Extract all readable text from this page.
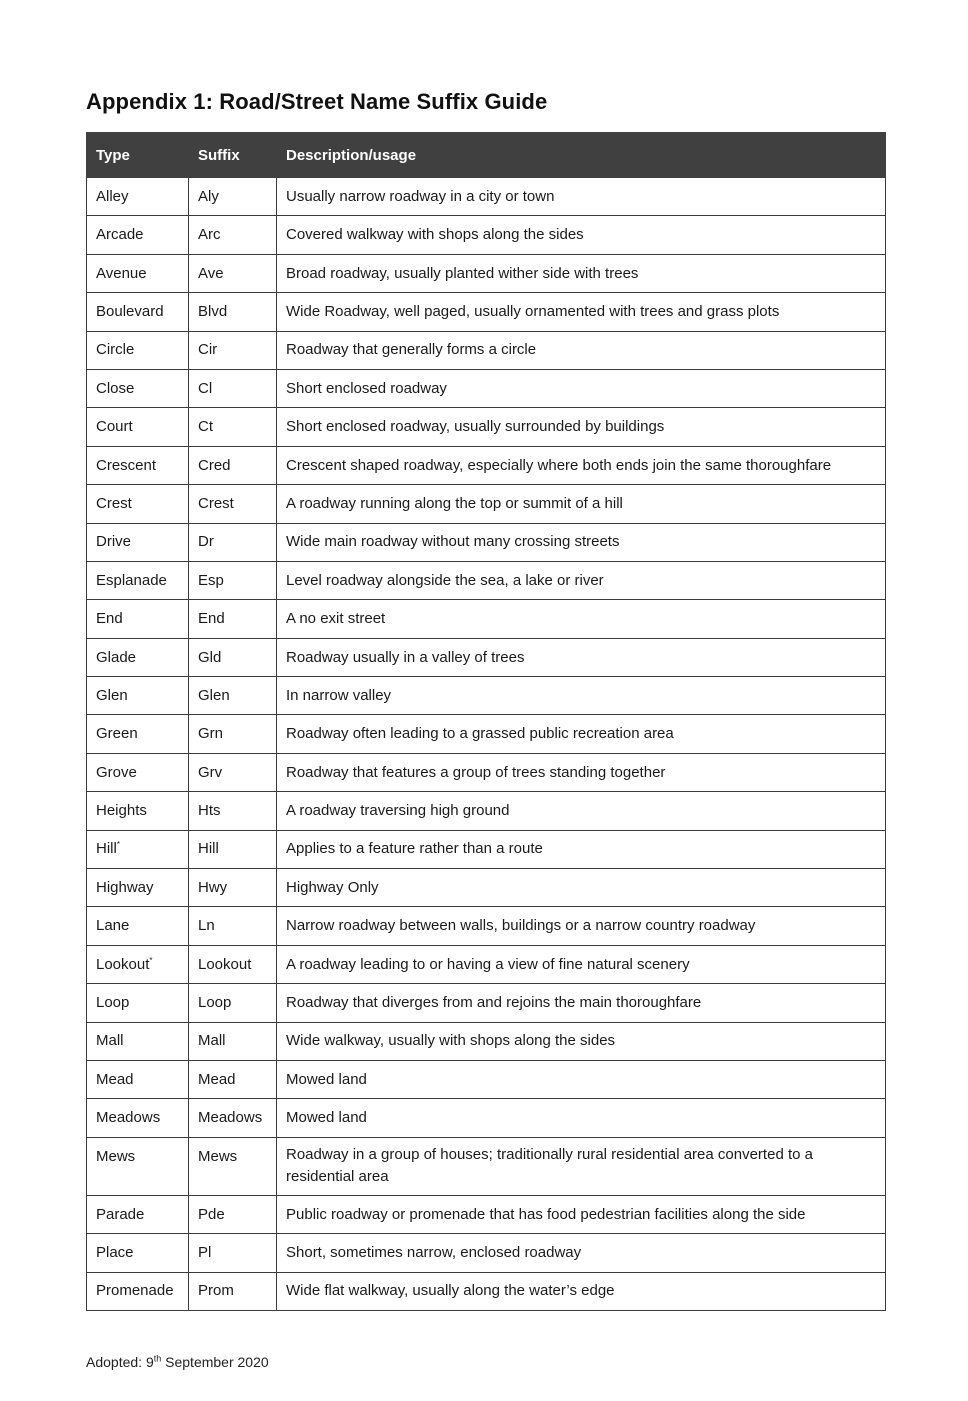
Appendix 1: Road/Street Name Suffix Guide
Type	Suffix	Description/usage
Alley	Aly	Usually narrow roadway in a city or town
Arcade	Arc	Covered walkway with shops along the sides
Avenue	Ave	Broad roadway, usually planted wither side with trees
Boulevard	Blvd	Wide Roadway, well paged, usually ornamented with trees and grass plots
Circle	Cir	Roadway that generally forms a circle
Close	Cl	Short enclosed roadway
Court	Ct	Short enclosed roadway, usually surrounded by buildings
Crescent	Cred	Crescent shaped roadway, especially where both ends join the same thoroughfare
Crest	Crest	A roadway running along the top or summit of a hill
Drive	Dr	Wide main roadway without many crossing streets
Esplanade	Esp	Level roadway alongside the sea, a lake or river
End	End	A no exit street
Glade	Gld	Roadway usually in a valley of trees
Glen	Glen	In narrow valley
Green	Grn	Roadway often leading to a grassed public recreation area
Grove	Grv	Roadway that features a group of trees standing together
Heights	Hts	A roadway traversing high ground
Hill*	Hill	Applies to a feature rather than a route
Highway	Hwy	Highway Only
Lane	Ln	Narrow roadway between walls, buildings or a narrow country roadway
Lookout*	Lookout	A roadway leading to or having a view of fine natural scenery
Loop	Loop	Roadway that diverges from and rejoins the main thoroughfare
Mall	Mall	Wide walkway, usually with shops along the sides
Mead	Mead	Mowed land
Meadows	Meadows	Mowed land
Mews	Mews	Roadway in a group of houses; traditionally rural residential area converted to a residential area
Parade	Pde	Public roadway or promenade that has food pedestrian facilities along the side
Place	Pl	Short, sometimes narrow, enclosed roadway
Promenade	Prom	Wide flat walkway, usually along the water’s edge
Adopted: 9th September 2020
